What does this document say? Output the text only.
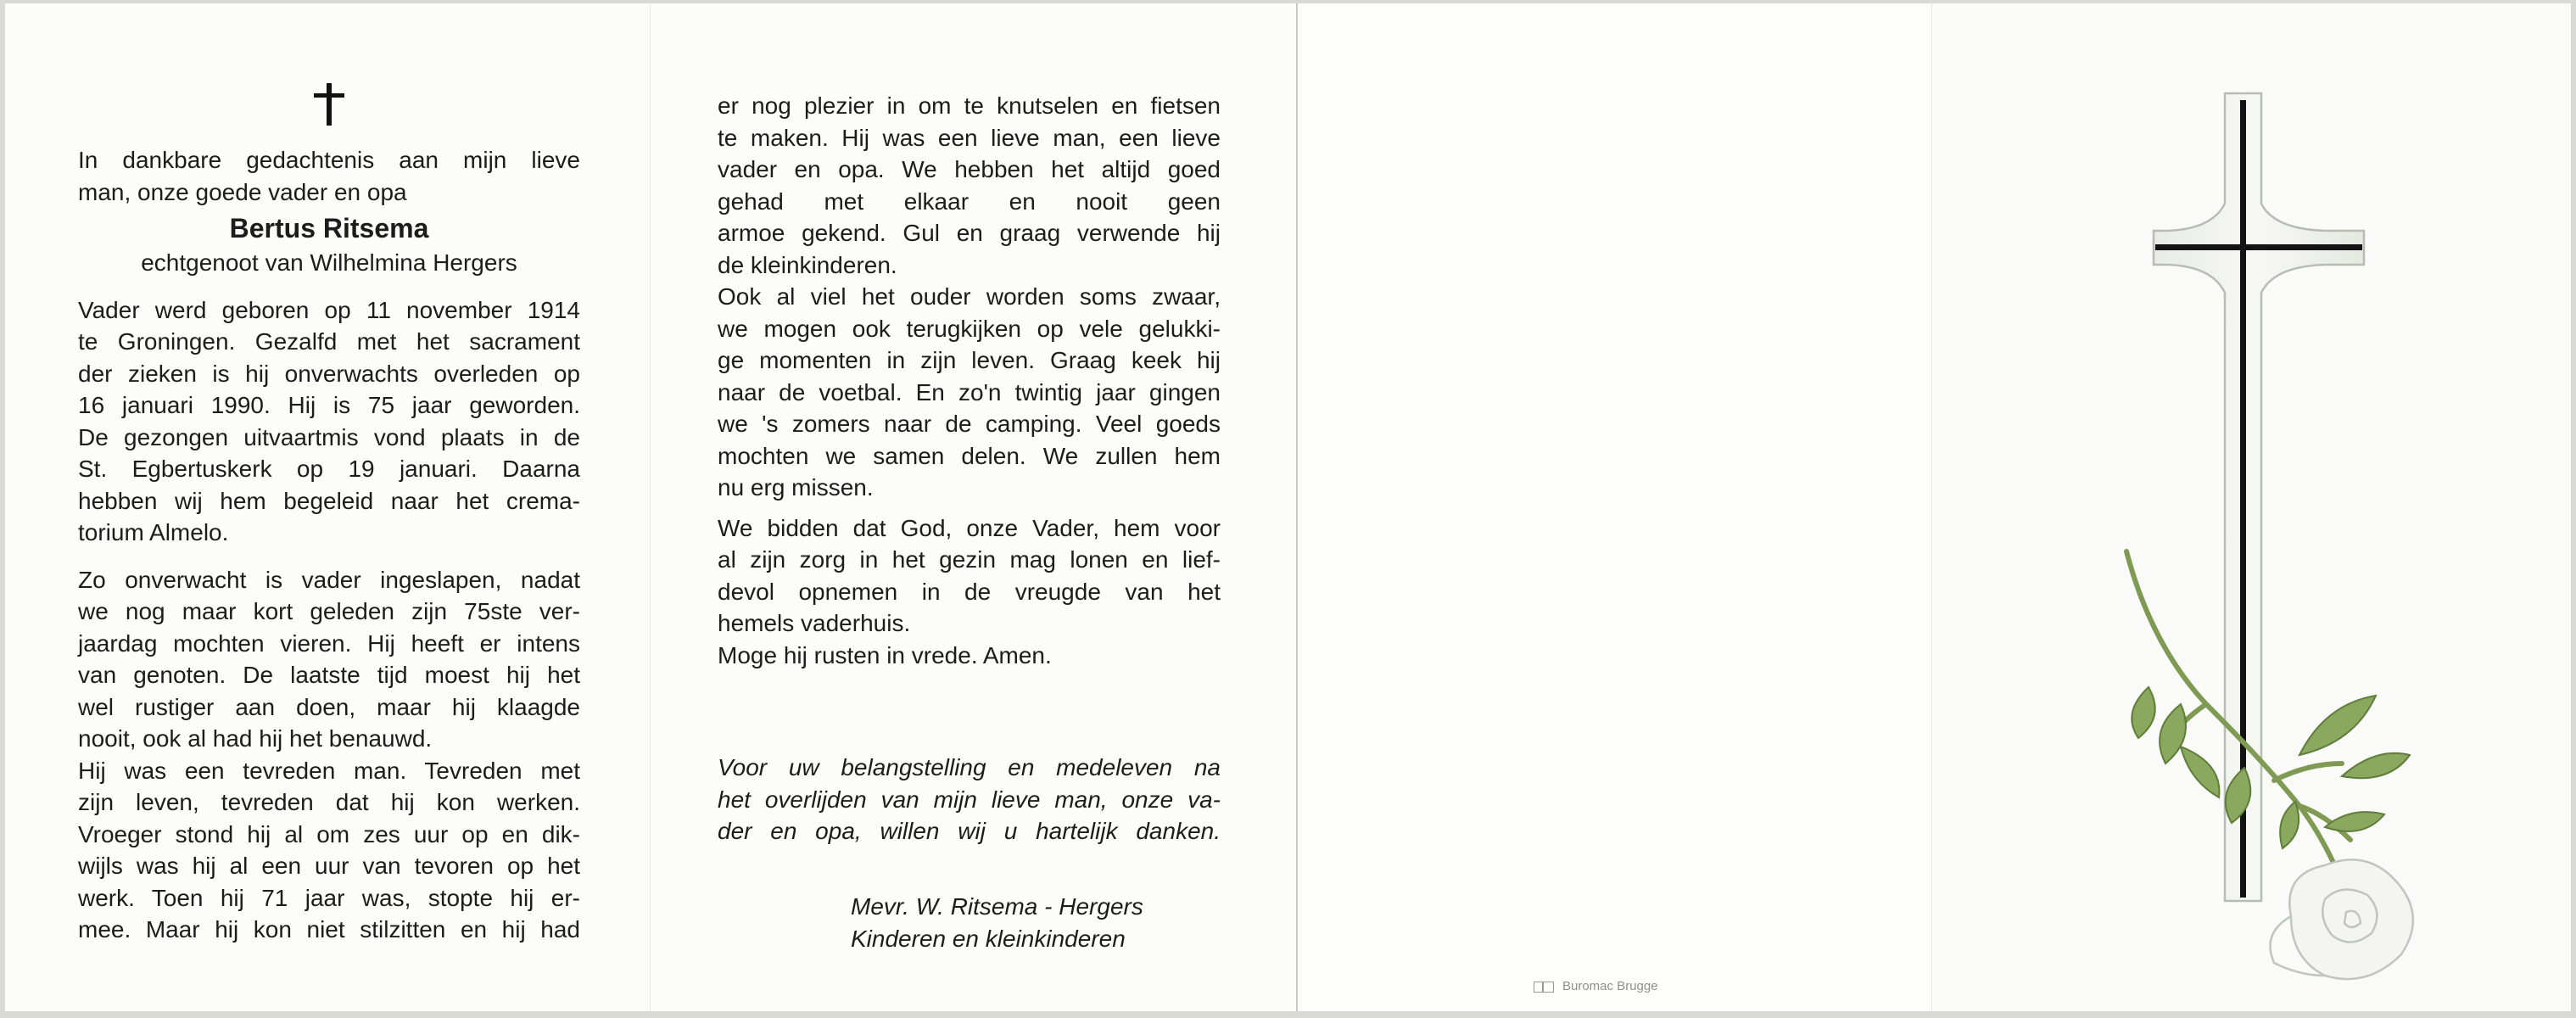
In dankbare gedachtenis aan mijn lieve
man, onze goede vader en opa
Bertus Ritsema
echtgenoot van Wilhelmina Hergers
Vader werd geboren op 11 november 1914
te Groningen. Gezalfd met het sacrament
der zieken is hij onverwachts overleden op
16 januari 1990. Hij is 75 jaar geworden.
De gezongen uitvaartmis vond plaats in de
St. Egbertuskerk op 19 januari. Daarna
hebben wij hem begeleid naar het crema-
torium Almelo.
Zo onverwacht is vader ingeslapen, nadat
we nog maar kort geleden zijn 75ste ver-
jaardag mochten vieren. Hij heeft er intens
van genoten. De laatste tijd moest hij het
wel rustiger aan doen, maar hij klaagde
nooit, ook al had hij het benauwd.
Hij was een tevreden man. Tevreden met
zijn leven, tevreden dat hij kon werken.
Vroeger stond hij al om zes uur op en dik-
wijls was hij al een uur van tevoren op het
werk. Toen hij 71 jaar was, stopte hij er-
mee. Maar hij kon niet stilzitten en hij had
er nog plezier in om te knutselen en fietsen
te maken. Hij was een lieve man, een lieve
vader en opa. We hebben het altijd goed
gehad met elkaar en nooit geen
armoe gekend. Gul en graag verwende hij
de kleinkinderen.
Ook al viel het ouder worden soms zwaar,
we mogen ook terugkijken op vele gelukki-
ge momenten in zijn leven. Graag keek hij
naar de voetbal. En zo'n twintig jaar gingen
we 's zomers naar de camping. Veel goeds
mochten we samen delen. We zullen hem
nu erg missen.
We bidden dat God, onze Vader, hem voor
al zijn zorg in het gezin mag lonen en lief-
devol opnemen in de vreugde van het
hemels vaderhuis.
Moge hij rusten in vrede. Amen.
Voor uw belangstelling en medeleven na
het overlijden van mijn lieve man, onze va-
der en opa, willen wij u hartelijk danken.
Mevr. W. Ritsema - Hergers
Kinderen en kleinkinderen
Buromac Brugge
